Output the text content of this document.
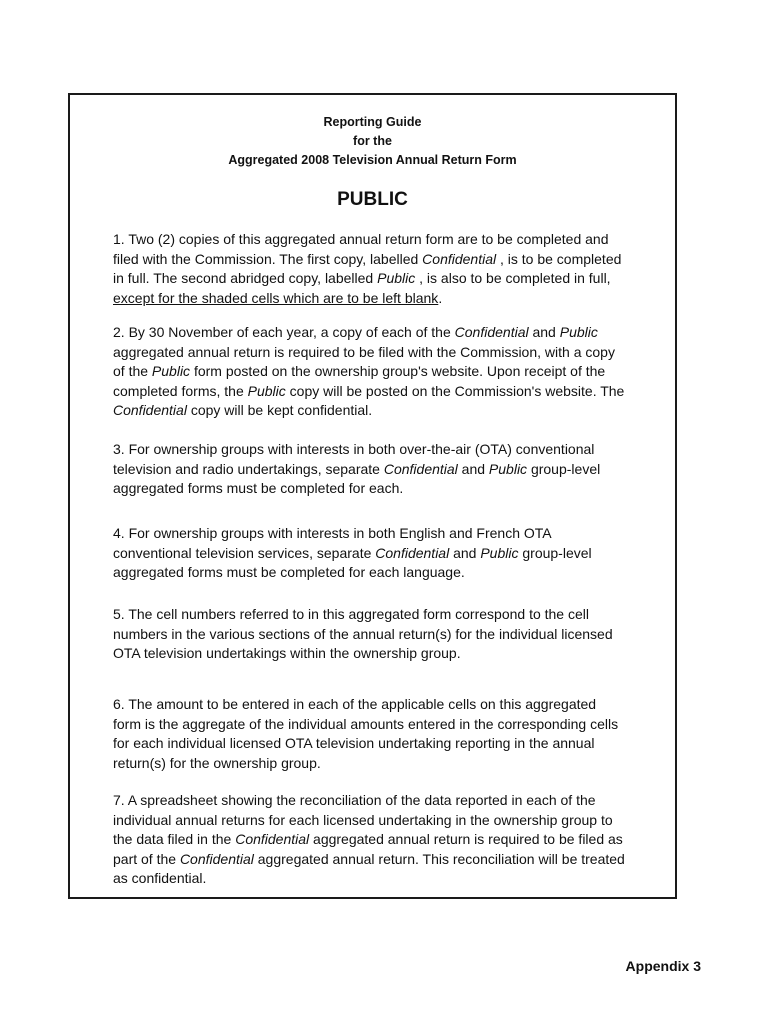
Reporting Guide
for the
Aggregated 2008 Television Annual Return Form
PUBLIC

1. Two (2) copies of this aggregated annual return form are to be completed and filed with the Commission. The first copy, labelled Confidential , is to be completed in full. The second abridged copy, labelled Public , is also to be completed in full, except for the shaded cells which are to be left blank.

2. By 30 November of each year, a copy of each of the Confidential and Public aggregated annual return is required to be filed with the Commission, with a copy of the Public form posted on the ownership group's website. Upon receipt of the completed forms, the Public copy will be posted on the Commission's website. The Confidential copy will be kept confidential.

3. For ownership groups with interests in both over-the-air (OTA) conventional television and radio undertakings, separate Confidential and Public group-level aggregated forms must be completed for each.

4. For ownership groups with interests in both English and French OTA conventional television services, separate Confidential and Public group-level aggregated forms must be completed for each language.

5. The cell numbers referred to in this aggregated form correspond to the cell numbers in the various sections of the annual return(s) for the individual licensed OTA television undertakings within the ownership group.

6. The amount to be entered in each of the applicable cells on this aggregated form is the aggregate of the individual amounts entered in the corresponding cells for each individual licensed OTA television undertaking reporting in the annual return(s) for the ownership group.

7. A spreadsheet showing the reconciliation of the data reported in each of the individual annual returns for each licensed undertaking in the ownership group to the data filed in the Confidential aggregated annual return is required to be filed as part of the Confidential aggregated annual return. This reconciliation will be treated as confidential.

Appendix 3
